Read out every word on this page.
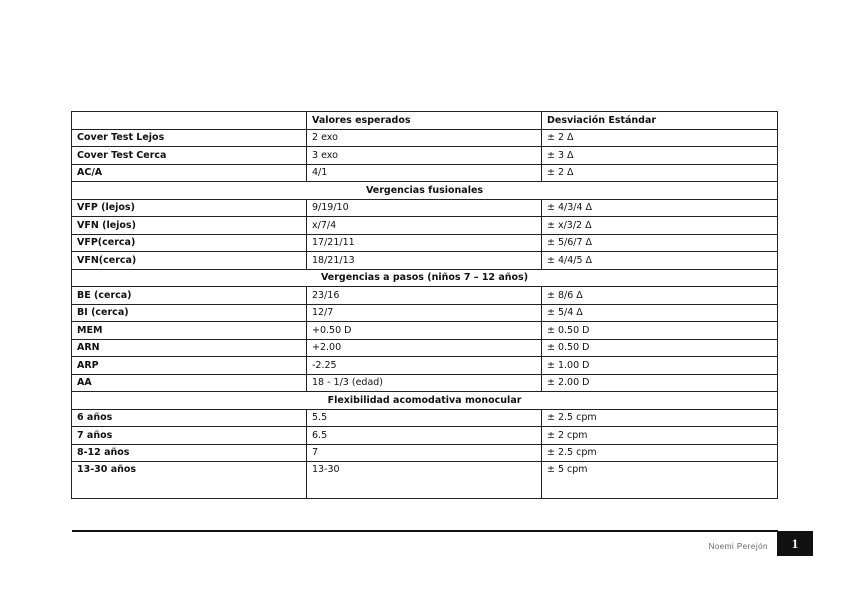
	Valores esperados	Desviación Estándar
Cover Test Lejos	2 exo	± 2 Δ
Cover Test Cerca	3 exo	± 3 Δ
AC/A	4/1	± 2 Δ
Vergencias fusionales		
VFP (lejos)	9/19/10	± 4/3/4 Δ
VFN (lejos)	x/7/4	± x/3/2 Δ
VFP(cerca)	17/21/11	± 5/6/7 Δ
VFN(cerca)	18/21/13	± 4/4/5 Δ
Vergencias a pasos (niños 7 – 12 años)		
BE (cerca)	23/16	± 8/6 Δ
BI (cerca)	12/7	± 5/4 Δ
MEM	+0.50 D	± 0.50 D
ARN	+2.00	± 0.50 D
ARP	-2.25	± 1.00 D
AA	18 - 1/3 (edad)	± 2.00 D
Flexibilidad acomodativa monocular		
6 años	5.5	± 2.5 cpm
7 años	6.5	± 2 cpm
8-12 años	7	± 2.5 cpm
13-30 años	13-30	± 5 cpm
Noemi Perejón	1
